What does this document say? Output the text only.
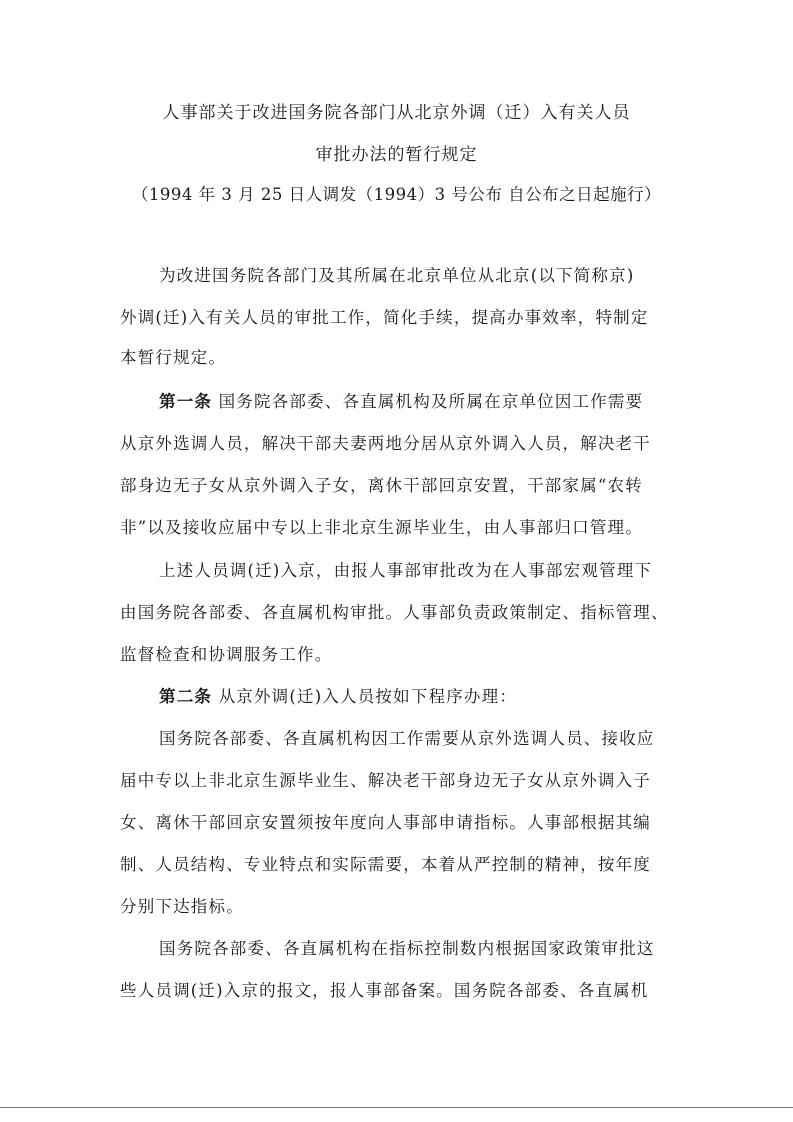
人事部关于改进国务院各部门从北京外调（迁）入有关人员
审批办法的暂行规定
（1994 年 3 月 25 日人调发（1994）3 号公布 自公布之日起施行）
为改进国务院各部门及其所属在北京单位从北京(以下简称京)
外调(迁)入有关人员的审批工作，简化手续，提高办事效率，特制定
本暂行规定。
第一条 国务院各部委、各直属机构及所属在京单位因工作需要
从京外选调人员，解决干部夫妻两地分居从京外调入人员，解决老干
部身边无子女从京外调入子女，离休干部回京安置，干部家属“农转
非”以及接收应届中专以上非北京生源毕业生，由人事部归口管理。
上述人员调(迁)入京，由报人事部审批改为在人事部宏观管理下
由国务院各部委、各直属机构审批。人事部负责政策制定、指标管理、
监督检查和协调服务工作。
第二条 从京外调(迁)入人员按如下程序办理：
国务院各部委、各直属机构因工作需要从京外选调人员、接收应
届中专以上非北京生源毕业生、解决老干部身边无子女从京外调入子
女、离休干部回京安置须按年度向人事部申请指标。人事部根据其编
制、人员结构、专业特点和实际需要，本着从严控制的精神，按年度
分别下达指标。
国务院各部委、各直属机构在指标控制数内根据国家政策审批这
些人员调(迁)入京的报文，报人事部备案。国务院各部委、各直属机
